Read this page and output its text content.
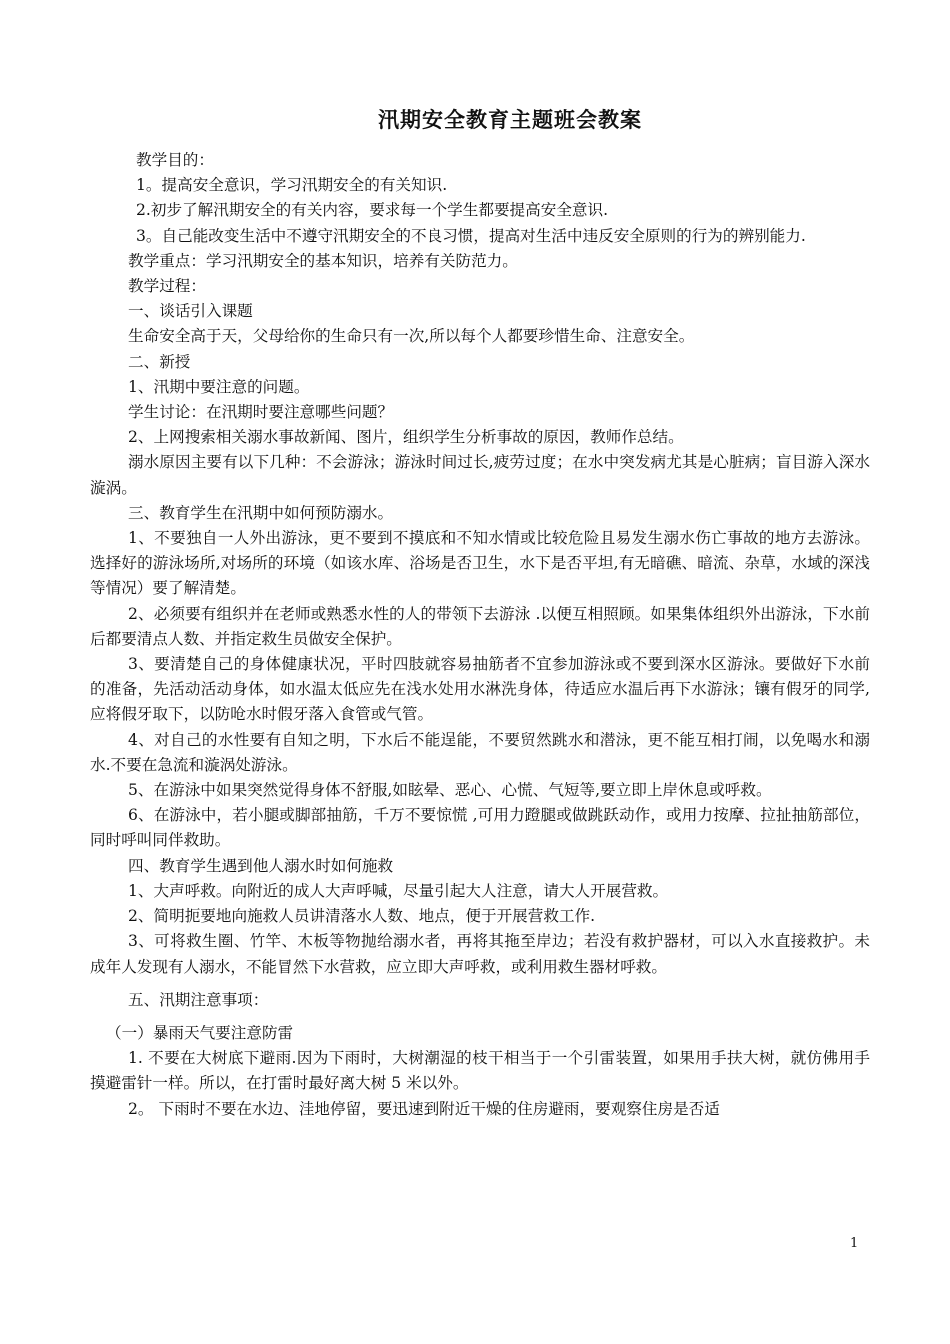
汛期安全教育主题班会教案

教学目的：

1。提高安全意识，学习汛期安全的有关知识.

2.初步了解汛期安全的有关内容，要求每一个学生都要提高安全意识.

3。自己能改变生活中不遵守汛期安全的不良习惯，提高对生活中违反安全原则的行为的辨别能力.

教学重点：学习汛期安全的基本知识，培养有关防范力。

教学过程：

一、谈话引入课题

生命安全高于天，父母给你的生命只有一次,所以每个人都要珍惜生命、注意安全。

二、新授

1、汛期中要注意的问题。

学生讨论：在汛期时要注意哪些问题？

2、上网搜索相关溺水事故新闻、图片，组织学生分析事故的原因，教师作总结。

溺水原因主要有以下几种：不会游泳；游泳时间过长,疲劳过度；在水中突发病尤其是心脏病；盲目游入深水漩涡。

三、教育学生在汛期中如何预防溺水。

1、不要独自一人外出游泳，更不要到不摸底和不知水情或比较危险且易发生溺水伤亡事故的地方去游泳。选择好的游泳场所,对场所的环境（如该水库、浴场是否卫生，水下是否平坦,有无暗礁、暗流、杂草，水域的深浅等情况）要了解清楚。

2、必须要有组织并在老师或熟悉水性的人的带领下去游泳 .以便互相照顾。如果集体组织外出游泳，下水前后都要清点人数、并指定救生员做安全保护。

3、要清楚自己的身体健康状况，平时四肢就容易抽筋者不宜参加游泳或不要到深水区游泳。要做好下水前的准备，先活动活动身体，如水温太低应先在浅水处用水淋洗身体，待适应水温后再下水游泳；镶有假牙的同学,应将假牙取下，以防呛水时假牙落入食管或气管。

4、对自己的水性要有自知之明，下水后不能逞能，不要贸然跳水和潜泳，更不能互相打闹，以免喝水和溺水.不要在急流和漩涡处游泳。

5、在游泳中如果突然觉得身体不舒服,如眩晕、恶心、心慌、气短等,要立即上岸休息或呼救。

6、在游泳中，若小腿或脚部抽筋，千万不要惊慌 ,可用力蹬腿或做跳跃动作，或用力按摩、拉扯抽筋部位，同时呼叫同伴救助。

四、教育学生遇到他人溺水时如何施救

1、大声呼救。向附近的成人大声呼喊，尽量引起大人注意，请大人开展营救。

2、简明扼要地向施救人员讲清落水人数、地点，便于开展营救工作.

3、可将救生圈、竹竿、木板等物抛给溺水者，再将其拖至岸边；若没有救护器材，可以入水直接救护。未成年人发现有人溺水，不能冒然下水营救，应立即大声呼救，或利用救生器材呼救。

五、汛期注意事项：

（一）暴雨天气要注意防雷

1. 不要在大树底下避雨.因为下雨时，大树潮湿的枝干相当于一个引雷装置，如果用手扶大树，就仿佛用手摸避雷针一样。所以，在打雷时最好离大树 5 米以外。

2。 下雨时不要在水边、洼地停留，要迅速到附近干燥的住房避雨，要观察住房是否适

1
